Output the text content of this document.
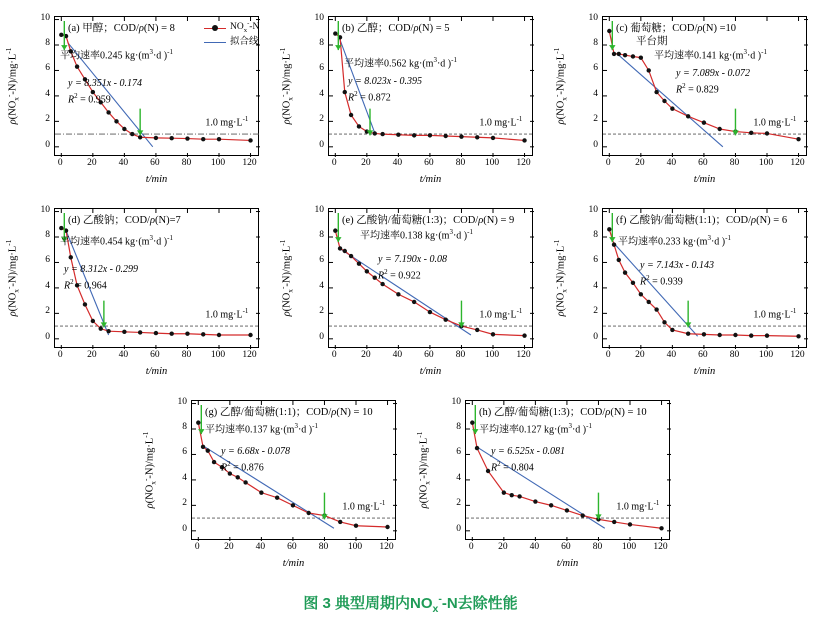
$\rho(NO_x^--N)/mg\cdot L^{-1}$
0	20	40	60	80	100	120
0
2
4
6
8
10
t/min
(a) 甲醇；COD/ρ(N) = 8
平均速率0.245 $kg\cdot(m^3\cdot d$ )$^{-1}$
y = 8.351x - 0.174
$R^2 = 0.959$
1.0 $mg\cdot L^{-1}$
$NO_x^--N$
拟合线
$\rho(NO_x^--N)/mg\cdot L^{-1}$
0	20	40	60	80	100	120
0
2
4
6
8
10
t/min
(b) 乙醇；COD/ρ(N) = 5
平均速率0.562 $kg\cdot(m^3\cdot d$ )$^{-1}$
y = 8.023x - 0.395
$R^2 = 0.872$
1.0 $mg\cdot L^{-1}$	$\rho(NO_x^--N)/mg\cdot L^{-1}$
0	20	40	60	80	100	120
0
2
4
6
8
10
t/min
(c) 葡萄糖；COD/ρ(N) =10
平台期
平均速率0.141 $kg\cdot(m^3\cdot d$ )$^{-1}$
y = 7.089x - 0.072
$R^2 = 0.829$
1.0 $mg\cdot L^{-1}$
$\rho(NO_x^--N)/mg\cdot L^{-1}$
0	20	40	60	80	100	120
0
2
4
6
8
10
t/min
(d) 乙酸钠；COD/ρ(N)=7
平均速率0.454 $kg\cdot(m^3\cdot d$ )$^{-1}$
y = 8.312x - 0.299
$R^2 = 0.964$
1.0 $mg\cdot L^{-1}$	$\rho(NO_x^--N)/mg\cdot L^{-1}$
0	20	40	60	80	100	120
0
2
4
6
8
10
t/min
(e) 乙酸钠/葡萄糖(1:3)；COD/ρ(N) = 9
平均速率0.138 $kg\cdot(m^3\cdot d$ )$^{-1}$
y = 7.190x - 0.08
$R^2 = 0.922$
1.0 $mg\cdot L^{-1}$	$\rho(NO_x^--N)/mg\cdot L^{-1}$
0	20	40	60	80	100	120
0
2
4
6
8
10
t/min
(f) 乙酸钠/葡萄糖(1:1)；COD/ρ(N) = 6
平均速率0.233 $kg\cdot(m^3\cdot d$ )$^{-1}$
y = 7.143x - 0.143
$R^2 = 0.939$
1.0 $mg\cdot L^{-1}$
$\rho(NO_x^--N)/mg\cdot L^{-1}$
0	20	40	60	80	100	120
0
2
4
6
8
10
t/min
(g) 乙醇/葡萄糖(1:1)；COD/ρ(N) = 10
平均速率0.137 $kg\cdot(m^3\cdot d$ )$^{-1}$
y = 6.68x - 0.078
$R^2 = 0.876$
1.0 $mg\cdot L^{-1}$	$\rho(NO_x^--N)/mg\cdot L^{-1}$
0	20	40	60	80	100	120
0
2
4
6
8
10
t/min
(h) 乙醇/葡萄糖(1:3)；COD/ρ(N) = 10
平均速率0.127 $kg\cdot(m^3\cdot d$ )$^{-1}$
y = 6.525x - 0.081
$R^2 = 0.804$
1.0 $mg\cdot L^{-1}$
图 3 典型周期内$NO_x^--N$去除性能
